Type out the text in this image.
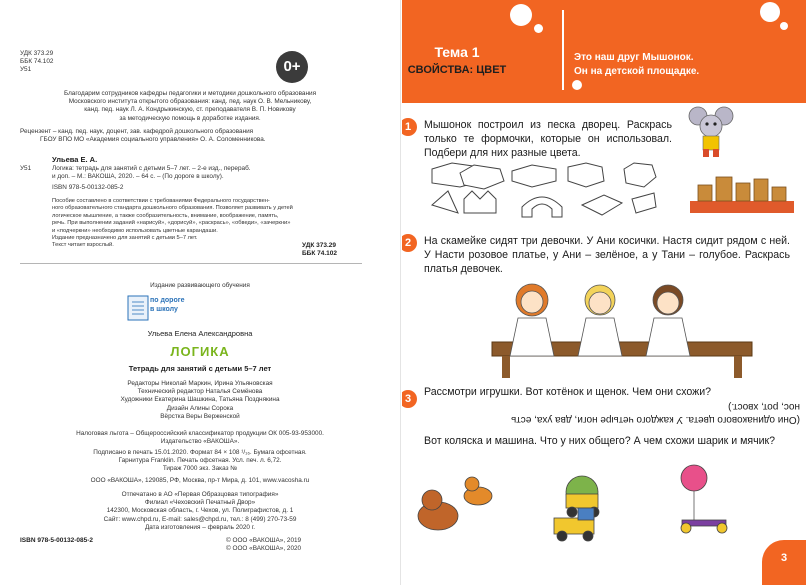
УДК 373.29
ББК 74.102
У51	0+
Благодарим сотрудников кафедры педагогики и методики дошкольного образования
Московского института открытого образования: канд. пед. наук О. В. Мельникову,
канд. пед. наук Л. А. Кондрыкинскую, ст. преподавателя В. П. Новикову
за методическую помощь в доработке издания.
Рецензент – канд. пед. наук, доцент, зав. кафедрой дошкольного образования
ГБОУ ВПО МО «Академия социального управления» О. А. Соломенникова.
Ульева Е. А.
У51	Логика: тетрадь для занятий с детьми 5–7 лет. – 2-е изд., перераб.
и доп. – М.: ВАКОША, 2020. – 64 с. – (По дороге в школу).
ISBN 978-5-00132-085-2
Пособие составлено в соответствии с требованиями Федерального государствен-
ного образовательного стандарта дошкольного образования. Позволяет развивать у детей
логическое мышление, а также сообразительность, внимание, воображение, память,
речь. При выполнении заданий «нарисуй», «дорисуй», «раскрась», «обведи», «зачеркни»
и «подчеркни» необходимо использовать цветные карандаши.
Издание предназначено для занятий с детьми 5–7 лет.
Текст читает взрослый.	УДК 373.29
ББК 74.102
Издание развивающего обучения
по дороге
в школу
Ульева Елена Александровна
ЛОГИКА
Тетрадь для занятий с детьми 5–7 лет
Редакторы Николай Маркин, Ирина Ульяновская
Технический редактор Наталья Семёнова
Художники Екатерина Шашкина, Татьяна Позднякина
Дизайн Алины Сорока
Вёрстка Веры Верженской
Налоговая льгота – Общероссийский классификатор продукции ОК 005-93-953000.
Издательство «ВАКОША».
Подписано в печать 15.01.2020. Формат 84 × 108 ¹/₁₆. Бумага офсетная.
Гарнитура Franklin. Печать офсетная. Усл. печ. л. 6,72.
Тираж 7000 экз. Заказ №
ООО «ВАКОША», 129085, РФ, Москва, пр-т Мира, д. 101, www.vacosha.ru
Отпечатано в АО «Первая Образцовая типография»
Филиал «Чеховский Печатный Двор»
142300, Московская область, г. Чехов, ул. Полиграфистов, д. 1
Сайт: www.chpd.ru, E-mail: sales@chpd.ru, тел.: 8 (499) 270-73-59
Дата изготовления – февраль 2020 г.
ISBN 978-5-00132-085-2	© ООО «ВАКОША», 2019
© ООО «ВАКОША», 2020
Тема 1
СВОЙСТВА: ЦВЕТ
Это наш друг Мышонок.
Он на детской площадке.
1	Мышонок построил из песка дворец. Раскрась только те формочки, которые он использовал. Подбери для них разные цвета.
2	На скамейке сидят три девочки. У Ани косички. Настя сидит рядом с ней. У Насти розовое платье, у Ани – зелёное, а у Тани – голубое. Раскрась платья девочек.
3
Рассмотри игрушки. Вот котёнок и щенок. Чем они схожи?
(Они одинакового цвета. У каждого четыре ноги, два уха, есть
нос, рот, хвост.)
Вот коляска и машина. Что у них общего? А чем схожи шарик и мячик?
3
